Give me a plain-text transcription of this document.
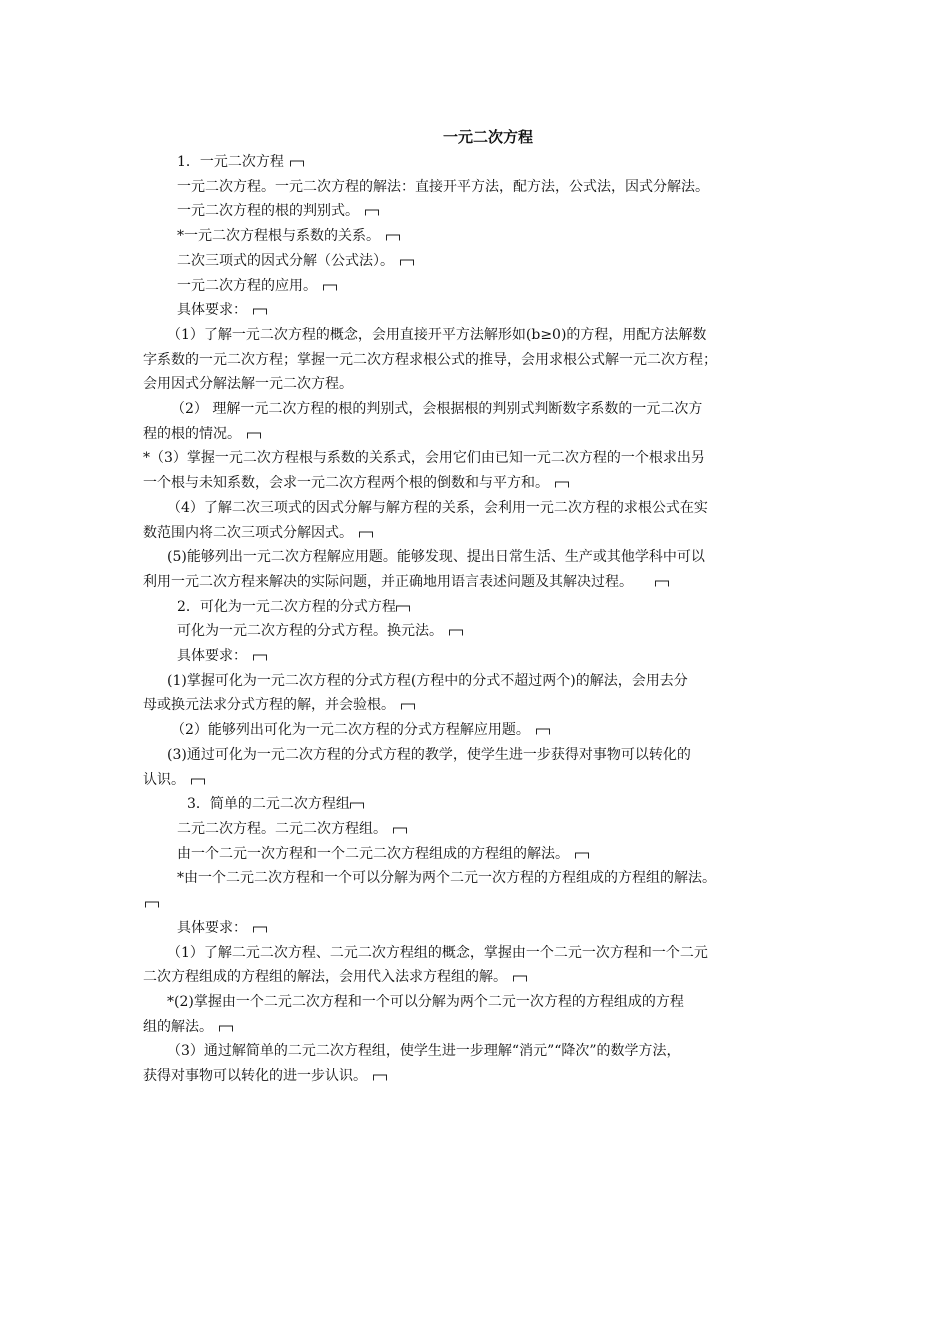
一元二次方程
1．一元二次方程
一元二次方程。一元二次方程的解法：直接开平方法，配方法，公式法，因式分解法。
一元二次方程的根的判别式。
*一元二次方程根与系数的关系。
二次三项式的因式分解（公式法）。
一元二次方程的应用。
具体要求：
（1）了解一元二次方程的概念，会用直接开平方法解形如(b≥0)的方程，用配方法解数
字系数的一元二次方程；掌握一元二次方程求根公式的推导，会用求根公式解一元二次方程；
会用因式分解法解一元二次方程。
（2） 理解一元二次方程的根的判别式，会根据根的判别式判断数字系数的一元二次方
程的根的情况。
*（3）掌握一元二次方程根与系数的关系式，会用它们由已知一元二次方程的一个根求出另
一个根与未知系数，会求一元二次方程两个根的倒数和与平方和。
（4）了解二次三项式的因式分解与解方程的关系，会利用一元二次方程的求根公式在实
数范围内将二次三项式分解因式。
(5)能够列出一元二次方程解应用题。能够发现、提出日常生活、生产或其他学科中可以
利用一元二次方程来解决的实际问题，并正确地用语言表述问题及其解决过程。
2．可化为一元二次方程的分式方程
可化为一元二次方程的分式方程。换元法。
具体要求：
(1)掌握可化为一元二次方程的分式方程(方程中的分式不超过两个)的解法，会用去分
母或换元法求分式方程的解，并会验根。
（2）能够列出可化为一元二次方程的分式方程解应用题。
(3)通过可化为一元二次方程的分式方程的教学，使学生进一步获得对事物可以转化的
认识。
3．简单的二元二次方程组
二元二次方程。二元二次方程组。
由一个二元一次方程和一个二元二次方程组成的方程组的解法。
*由一个二元二次方程和一个可以分解为两个二元一次方程的方程组成的方程组的解法。
具体要求：
（1）了解二元二次方程、二元二次方程组的概念，掌握由一个二元一次方程和一个二元
二次方程组成的方程组的解法，会用代入法求方程组的解。
*(2)掌握由一个二元二次方程和一个可以分解为两个二元一次方程的方程组成的方程
组的解法。
（3）通过解简单的二元二次方程组，使学生进一步理解“消元”“降次”的数学方法，
获得对事物可以转化的进一步认识。
